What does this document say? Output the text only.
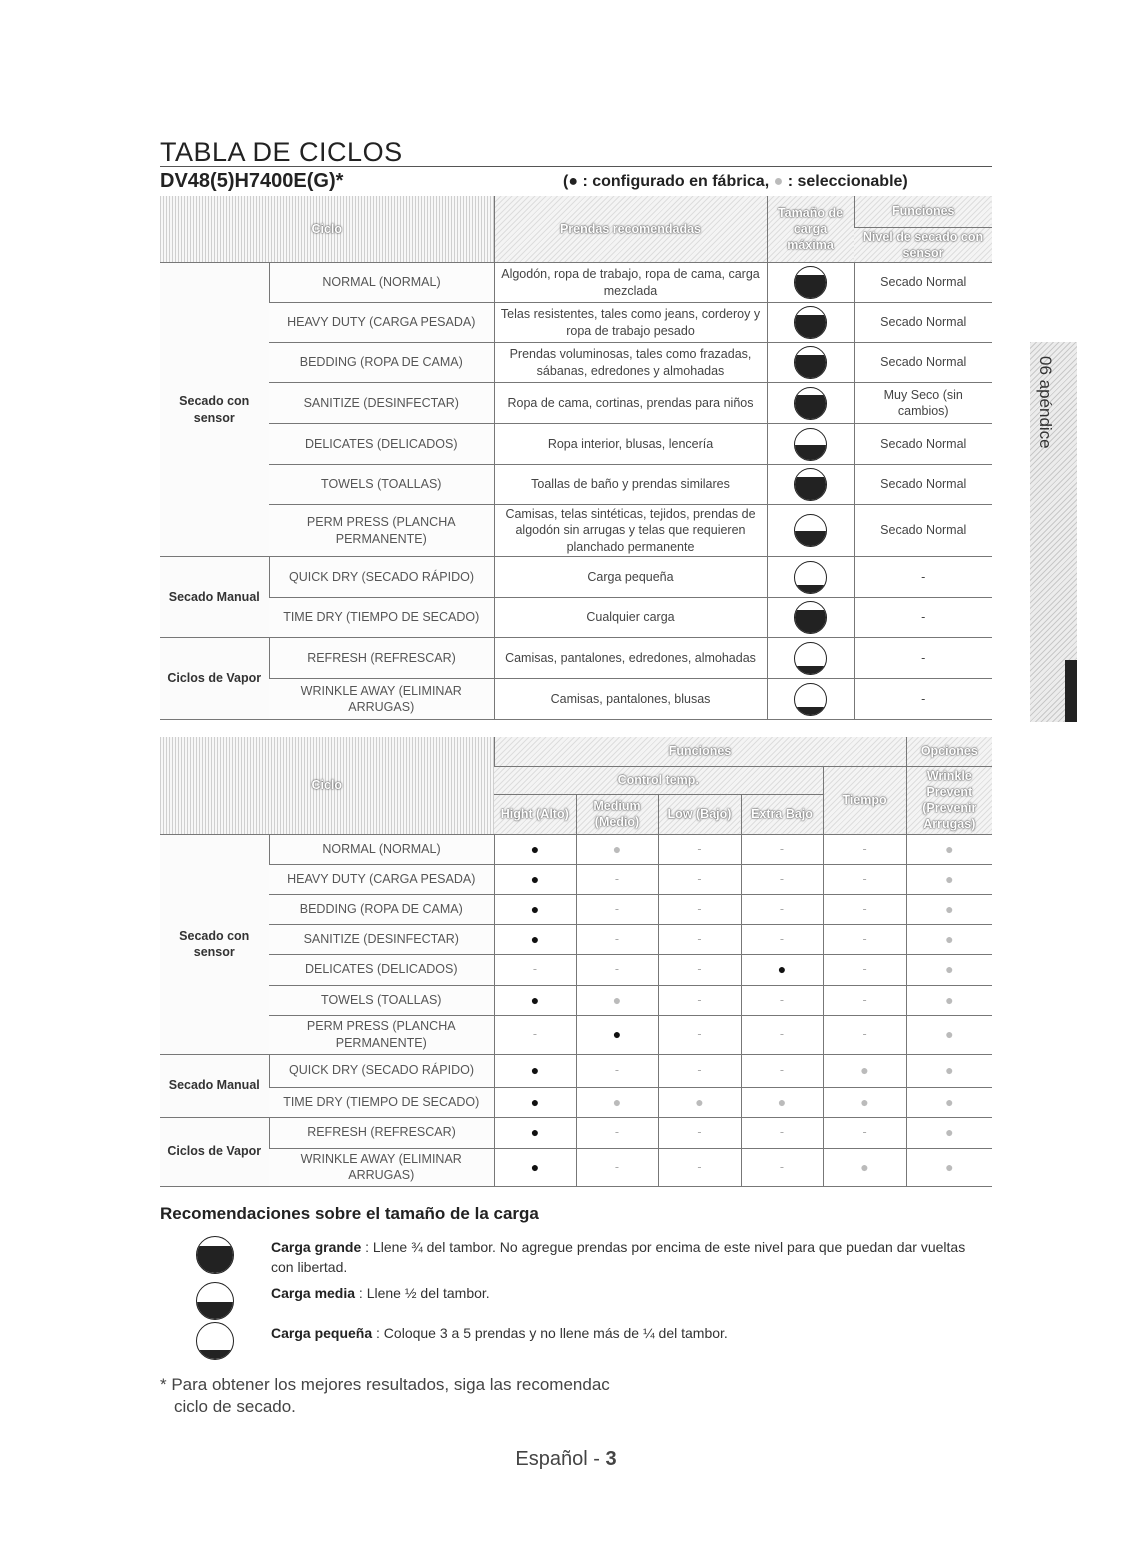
TABLA DE CICLOS
DV48(5)H7400E(G)*	(● : configurado en fábrica, ● : seleccionable)
06 apéndice
Ciclo		Prendas recomendadas	Tamaño de carga máxima	Funciones
				Nivel de secado con sensor
Secado con sensor	NORMAL (NORMAL)	Algodón, ropa de trabajo, ropa de cama, carga mezclada		Secado Normal
	HEAVY DUTY (CARGA PESADA)	Telas resistentes, tales como jeans, corderoy y ropa de trabajo pesado		Secado Normal
	BEDDING (ROPA DE CAMA)	Prendas voluminosas, tales como frazadas, sábanas, edredones y almohadas		Secado Normal
	SANITIZE (DESINFECTAR)	Ropa de cama, cortinas, prendas para niños		Muy Seco (sin cambios)
	DELICATES (DELICADOS)	Ropa interior, blusas, lencería		Secado Normal
	TOWELS (TOALLAS)	Toallas de baño y prendas similares		Secado Normal
	PERM PRESS (PLANCHA PERMANENTE)	Camisas, telas sintéticas, tejidos, prendas de algodón sin arrugas y telas que requieren planchado permanente		Secado Normal
Secado Manual	QUICK DRY (SECADO RÁPIDO)	Carga pequeña		-
	TIME DRY (TIEMPO DE SECADO)	Cualquier carga		-
Ciclos de Vapor	REFRESH (REFRESCAR)	Camisas, pantalones, edredones, almohadas		-
	WRINKLE AWAY (ELIMINAR ARRUGAS)	Camisas, pantalones, blusas		-
Ciclo		Funciones					Opciones
		Control temp.				Tiempo	Wrinkle Prevent (Prevenir Arrugas)
		Hight (Alto)	Medium (Medio)	Low (Bajo)	Extra Bajo		
Secado con sensor	NORMAL (NORMAL)	●	●	-	-	-	●
	HEAVY DUTY (CARGA PESADA)	●	-	-	-	-	●
	BEDDING (ROPA DE CAMA)	●	-	-	-	-	●
	SANITIZE (DESINFECTAR)	●	-	-	-	-	●
	DELICATES (DELICADOS)	-	-	-	●	-	●
	TOWELS (TOALLAS)	●	●	-	-	-	●
	PERM PRESS (PLANCHA PERMANENTE)	-	●	-	-	-	●
Secado Manual	QUICK DRY (SECADO RÁPIDO)	●	-	-	-	●	●
	TIME DRY (TIEMPO DE SECADO)	●	●	●	●	●	●
Ciclos de Vapor	REFRESH (REFRESCAR)	●	-	-	-	-	●
	WRINKLE AWAY (ELIMINAR ARRUGAS)	●	-	-	-	●	●
Recomendaciones sobre el tamaño de la carga
Carga grande : Llene ¾ del tambor. No agregue prendas por encima de este nivel para que puedan dar vueltas con libertad.
Carga media : Llene ½ del tambor.
Carga pequeña : Coloque 3 a 5 prendas y no llene más de ¼ del tambor.
* Para obtener los mejores resultados, siga las recomendac
ciclo de secado.
Español - 3
